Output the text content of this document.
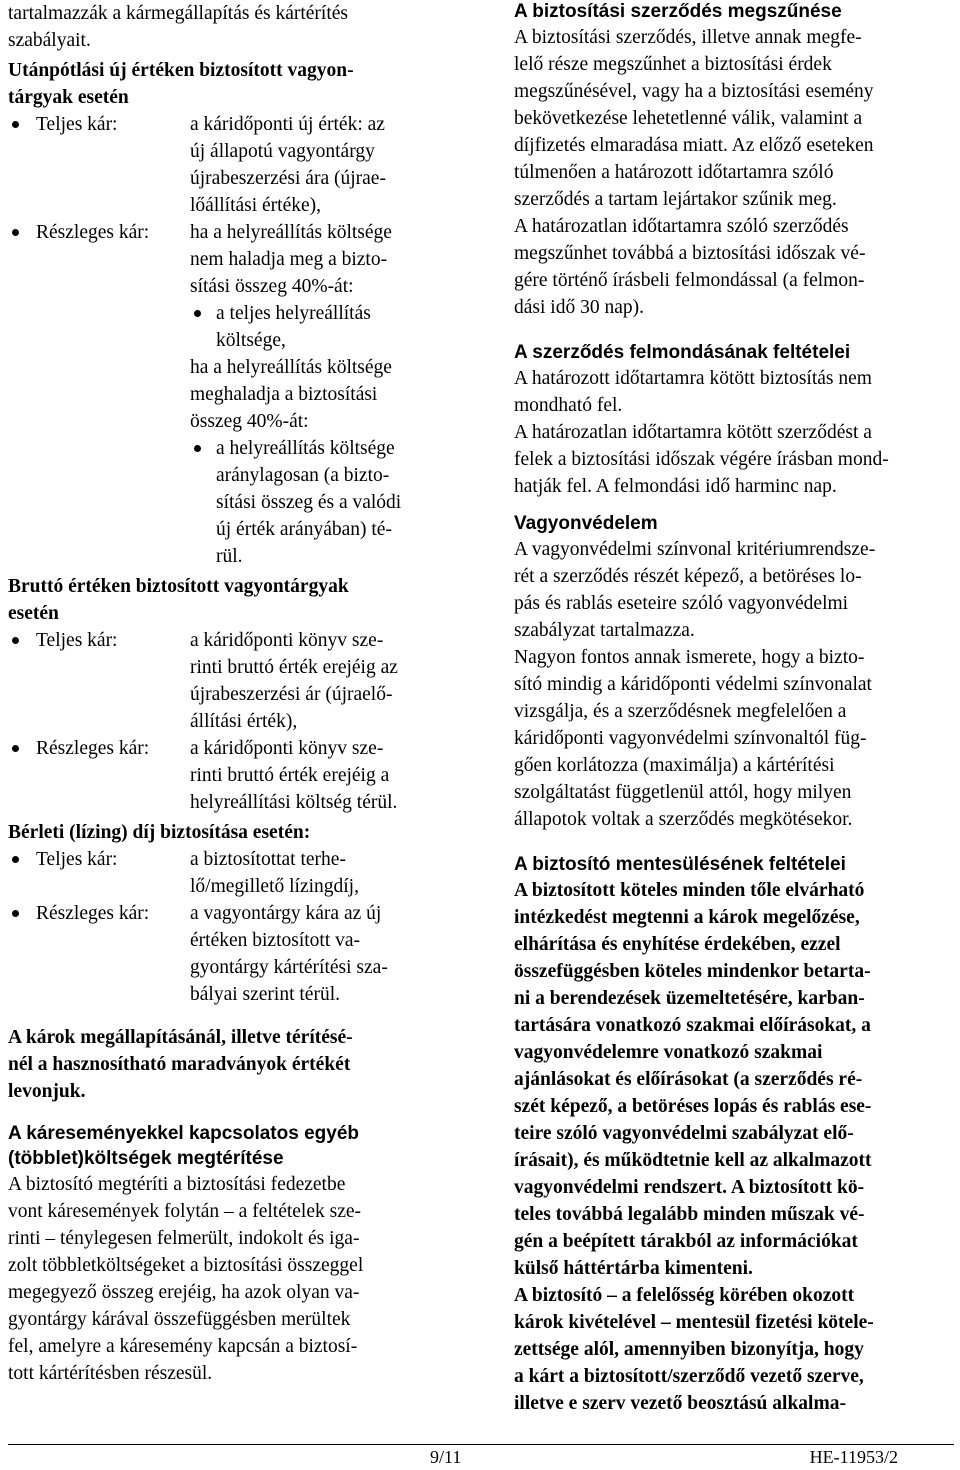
tartalmazzák a kármegállapítás és kártérítés
szabályait.

Utánpótlási új értéken biztosított vagyon-
tárgyak esetén

Teljes kár:	a káridőponti új érték: az
új állapotú vagyontárgy
újrabeszerzési ára (újrae-
lőállítási értéke),
Részleges kár:	ha a helyreállítás költsége
nem haladja meg a bizto-
sítási összeg 40%-át:
a teljes helyreállítás
költsége,

ha a helyreállítás költsége
meghaladja a biztosítási
összeg 40%-át:

a helyreállítás költsége
aránylagosan (a bizto-
sítási összeg és a valódi
új érték arányában) té-
rül.

Bruttó értéken biztosított vagyontárgyak
esetén

Teljes kár:	a káridőponti könyv sze-
rinti bruttó érték erejéig az
újrabeszerzési ár (újraelő-
állítási érték),
Részleges kár:	a káridőponti könyv sze-
rinti bruttó érték erejéig a
helyreállítási költség térül.

Bérleti (lízing) díj biztosítása esetén:

Teljes kár:	a biztosítottat terhe-
lő/megillető lízingdíj,
Részleges kár:	a vagyontárgy kára az új
értéken biztosított va-
gyontárgy kártérítési sza-
bályai szerint térül.

A károk megállapításánál, illetve térítésé-
nél a hasznosítható maradványok értékét
levonjuk.

A káreseményekkel kapcsolatos egyéb
(többlet)költségek megtérítése

A biztosító megtéríti a biztosítási fedezetbe
vont káresemények folytán – a feltételek sze-
rinti – ténylegesen felmerült, indokolt és iga-
zolt többletköltségeket a biztosítási összeggel
megegyező összeg erejéig, ha azok olyan va-
gyontárgy kárával összefüggésben merültek
fel, amelyre a káresemény kapcsán a biztosí-
tott kártérítésben részesül.

A biztosítási szerződés megszűnése

A biztosítási szerződés, illetve annak megfe-
lelő része megszűnhet a biztosítási érdek
megszűnésével, vagy ha a biztosítási esemény
bekövetkezése lehetetlenné válik, valamint a
díjfizetés elmaradása miatt. Az előző eseteken
túlmenően a határozott időtartamra szóló
szerződés a tartam lejártakor szűnik meg.

A határozatlan időtartamra szóló szerződés
megszűnhet továbbá a biztosítási időszak vé-
gére történő írásbeli felmondással (a felmon-
dási idő 30 nap).

A szerződés felmondásának feltételei

A határozott időtartamra kötött biztosítás nem
mondható fel.

A határozatlan időtartamra kötött szerződést a
felek a biztosítási időszak végére írásban mond-
hatják fel. A felmondási idő harminc nap.

Vagyonvédelem

A vagyonvédelmi színvonal kritériumrendsze-
rét a szerződés részét képező, a betöréses lo-
pás és rablás eseteire szóló vagyonvédelmi
szabályzat tartalmazza.

Nagyon fontos annak ismerete, hogy a bizto-
sító mindig a káridőponti védelmi színvonalat
vizsgálja, és a szerződésnek megfelelően a
káridőponti vagyonvédelmi színvonaltól füg-
gően korlátozza (maximálja) a kártérítési
szolgáltatást függetlenül attól, hogy milyen
állapotok voltak a szerződés megkötésekor.

A biztosító mentesülésének feltételei

A biztosított köteles minden tőle elvárható
intézkedést megtenni a károk megelőzése,
elhárítása és enyhítése érdekében, ezzel
összefüggésben köteles mindenkor betarta-
ni a berendezések üzemeltetésére, karban-
tartására vonatkozó szakmai előírásokat, a
vagyonvédelemre vonatkozó szakmai
ajánlásokat és előírásokat (a szerződés ré-
szét képező, a betöréses lopás és rablás ese-
teire szóló vagyonvédelmi szabályzat elő-
írásait), és működtetnie kell az alkalmazott
vagyonvédelmi rendszert. A biztosított kö-
teles továbbá legalább minden műszak vé-
gén a beépített tárakból az információkat
külső háttértárba kimenteni.

A biztosító – a felelősség körében okozott
károk kivételével – mentesül fizetési kötele-
zettsége alól, amennyiben bizonyítja, hogy
a kárt a biztosított/szerződő vezető szerve,
illetve e szerv vezető beosztású alkalma-

9/11	HE-11953/2
